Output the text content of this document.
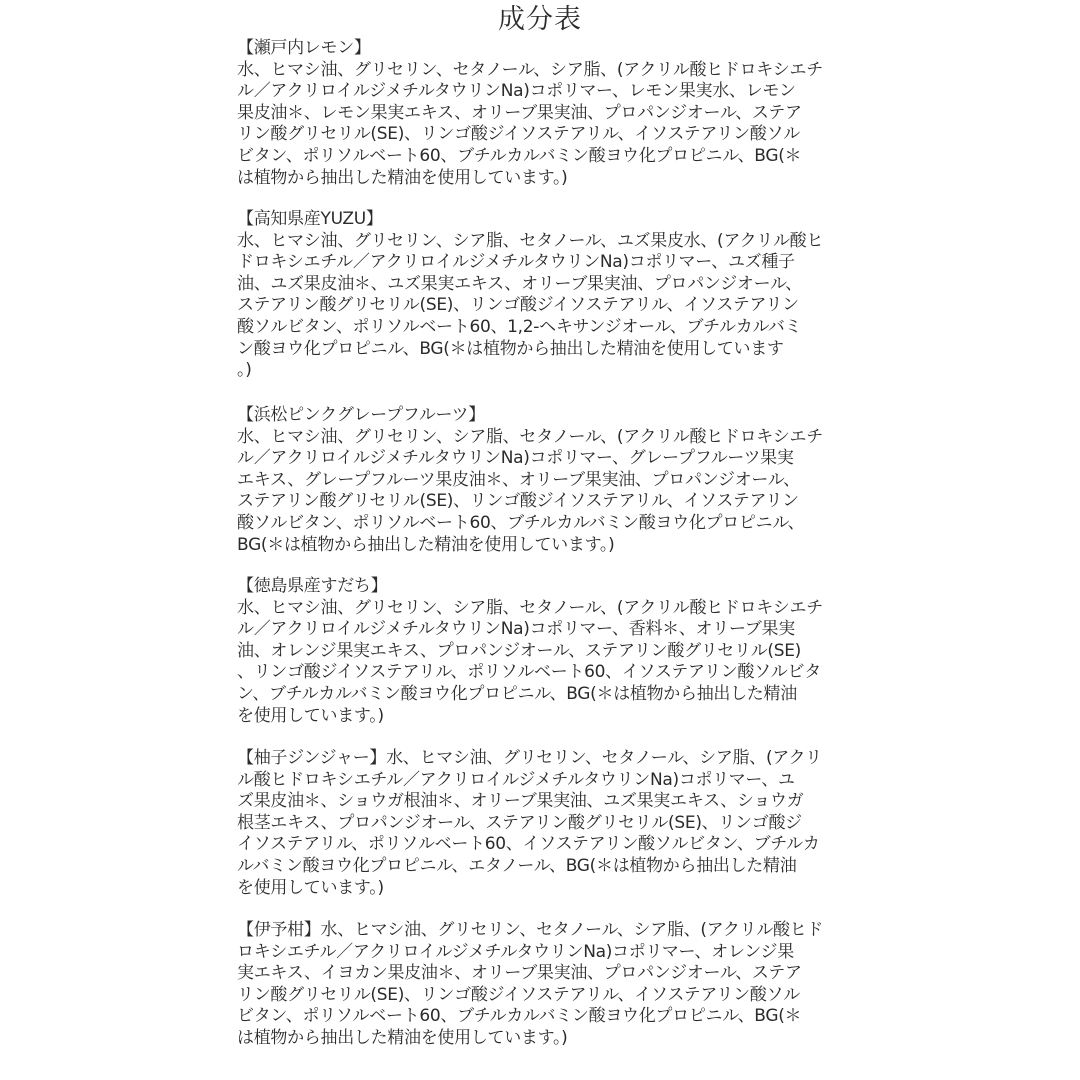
成分表
【瀬戸内レモン】
水、ヒマシ油、グリセリン、セタノール、シア脂、(アクリル酸ヒドロキシエチ
ル／アクリロイルジメチルタウリンNa)コポリマー、レモン果実水、レモン
果皮油＊、レモン果実エキス、オリーブ果実油、プロパンジオール、ステア
リン酸グリセリル(SE)、リンゴ酸ジイソステアリル、イソステアリン酸ソル
ビタン、ポリソルベート60、ブチルカルバミン酸ヨウ化プロピニル、BG(＊
は植物から抽出した精油を使用しています。)
【高知県産YUZU】
水、ヒマシ油、グリセリン、シア脂、セタノール、ユズ果皮水、(アクリル酸ヒ
ドロキシエチル／アクリロイルジメチルタウリンNa)コポリマー、ユズ種子
油、ユズ果皮油＊、ユズ果実エキス、オリーブ果実油、プロパンジオール、
ステアリン酸グリセリル(SE)、リンゴ酸ジイソステアリル、イソステアリン
酸ソルビタン、ポリソルベート60、1,2-ヘキサンジオール、ブチルカルバミ
ン酸ヨウ化プロピニル、BG(＊は植物から抽出した精油を使用しています
。)
【浜松ピンクグレープフルーツ】
水、ヒマシ油、グリセリン、シア脂、セタノール、(アクリル酸ヒドロキシエチ
ル／アクリロイルジメチルタウリンNa)コポリマー、グレープフルーツ果実
エキス、グレープフルーツ果皮油＊、オリーブ果実油、プロパンジオール、
ステアリン酸グリセリル(SE)、リンゴ酸ジイソステアリル、イソステアリン
酸ソルビタン、ポリソルベート60、ブチルカルバミン酸ヨウ化プロピニル、
BG(＊は植物から抽出した精油を使用しています。)
【徳島県産すだち】
水、ヒマシ油、グリセリン、シア脂、セタノール、(アクリル酸ヒドロキシエチ
ル／アクリロイルジメチルタウリンNa)コポリマー、香料＊、オリーブ果実
油、オレンジ果実エキス、プロパンジオール、ステアリン酸グリセリル(SE)
、リンゴ酸ジイソステアリル、ポリソルベート60、イソステアリン酸ソルビタ
ン、ブチルカルバミン酸ヨウ化プロピニル、BG(＊は植物から抽出した精油
を使用しています。)
【柚子ジンジャー】水、ヒマシ油、グリセリン、セタノール、シア脂、(アクリ
ル酸ヒドロキシエチル／アクリロイルジメチルタウリンNa)コポリマー、ユ
ズ果皮油＊、ショウガ根油＊、オリーブ果実油、ユズ果実エキス、ショウガ
根茎エキス、プロパンジオール、ステアリン酸グリセリル(SE)、リンゴ酸ジ
イソステアリル、ポリソルベート60、イソステアリン酸ソルビタン、ブチルカ
ルバミン酸ヨウ化プロピニル、エタノール、BG(＊は植物から抽出した精油
を使用しています。)
【伊予柑】水、ヒマシ油、グリセリン、セタノール、シア脂、(アクリル酸ヒド
ロキシエチル／アクリロイルジメチルタウリンNa)コポリマー、オレンジ果
実エキス、イヨカン果皮油＊、オリーブ果実油、プロパンジオール、ステア
リン酸グリセリル(SE)、リンゴ酸ジイソステアリル、イソステアリン酸ソル
ビタン、ポリソルベート60、ブチルカルバミン酸ヨウ化プロピニル、BG(＊
は植物から抽出した精油を使用しています。)
